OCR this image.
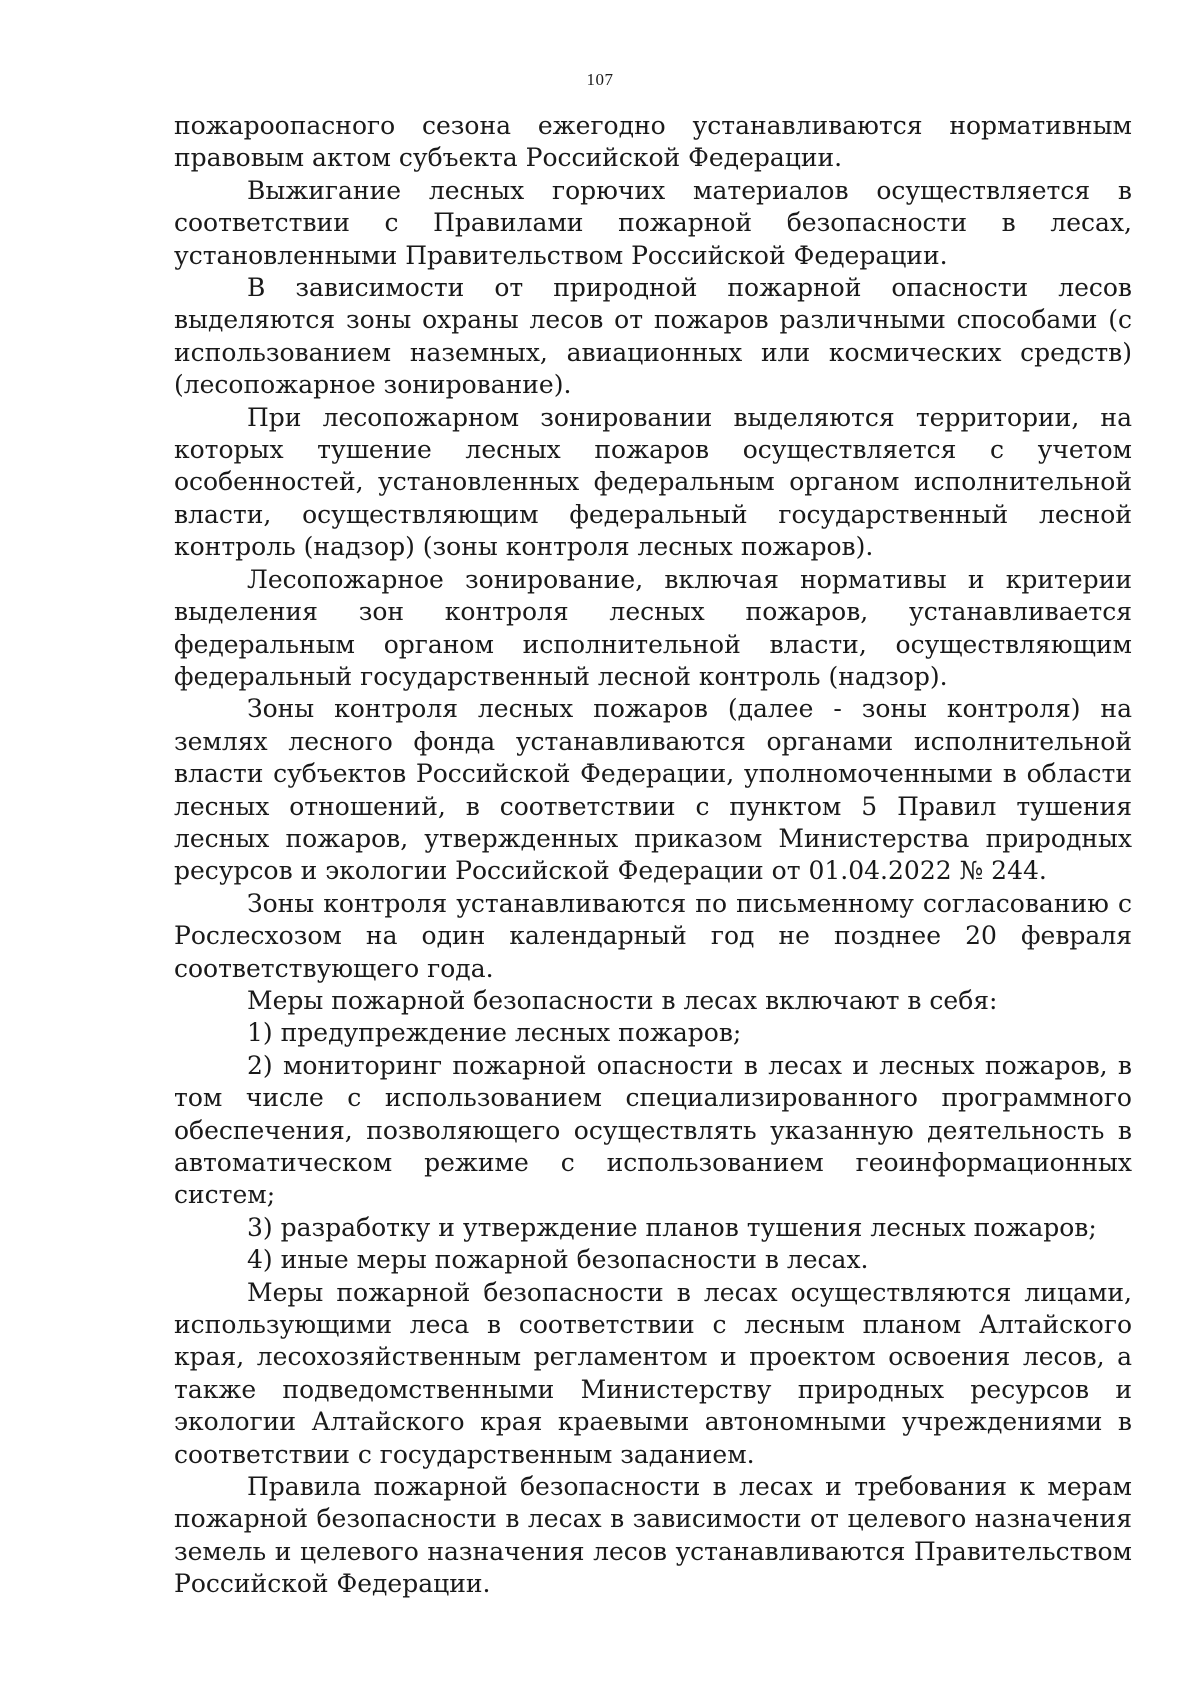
107

пожароопасного сезона ежегодно устанавливаются нормативным правовым актом субъекта Российской Федерации.

Выжигание лесных горючих материалов осуществляется в соответствии с Правилами пожарной безопасности в лесах, установленными Правительством Российской Федерации.

В зависимости от природной пожарной опасности лесов выделяются зоны охраны лесов от пожаров различными способами (с использованием наземных, авиационных или космических средств) (лесопожарное зонирование).

При лесопожарном зонировании выделяются территории, на которых тушение лесных пожаров осуществляется с учетом особенностей, установленных федеральным органом исполнительной власти, осуществляющим федеральный государственный лесной контроль (надзор) (зоны контроля лесных пожаров).

Лесопожарное зонирование, включая нормативы и критерии выделения зон контроля лесных пожаров, устанавливается федеральным органом исполнительной власти, осуществляющим федеральный государственный лесной контроль (надзор).

Зоны контроля лесных пожаров (далее - зоны контроля) на землях лесного фонда устанавливаются органами исполнительной власти субъектов Российской Федерации, уполномоченными в области лесных отношений, в соответствии с пунктом 5 Правил тушения лесных пожаров, утвержденных приказом Министерства природных ресурсов и экологии Российской Федерации от 01.04.2022 № 244.

Зоны контроля устанавливаются по письменному согласованию с Рослесхозом на один календарный год не позднее 20 февраля соответствующего года.

Меры пожарной безопасности в лесах включают в себя:

1) предупреждение лесных пожаров;

2) мониторинг пожарной опасности в лесах и лесных пожаров, в том числе с использованием специализированного программного обеспечения, позволяющего осуществлять указанную деятельность в автоматическом режиме с использованием геоинформационных систем;

3) разработку и утверждение планов тушения лесных пожаров;

4) иные меры пожарной безопасности в лесах.

Меры пожарной безопасности в лесах осуществляются лицами, использующими леса в соответствии с лесным планом Алтайского края, лесохозяйственным регламентом и проектом освоения лесов, а также подведомственными Министерству природных ресурсов и экологии Алтайского края краевыми автономными учреждениями в соответствии с государственным заданием.

Правила пожарной безопасности в лесах и требования к мерам пожарной безопасности в лесах в зависимости от целевого назначения земель и целевого назначения лесов устанавливаются Правительством Российской Федерации.
